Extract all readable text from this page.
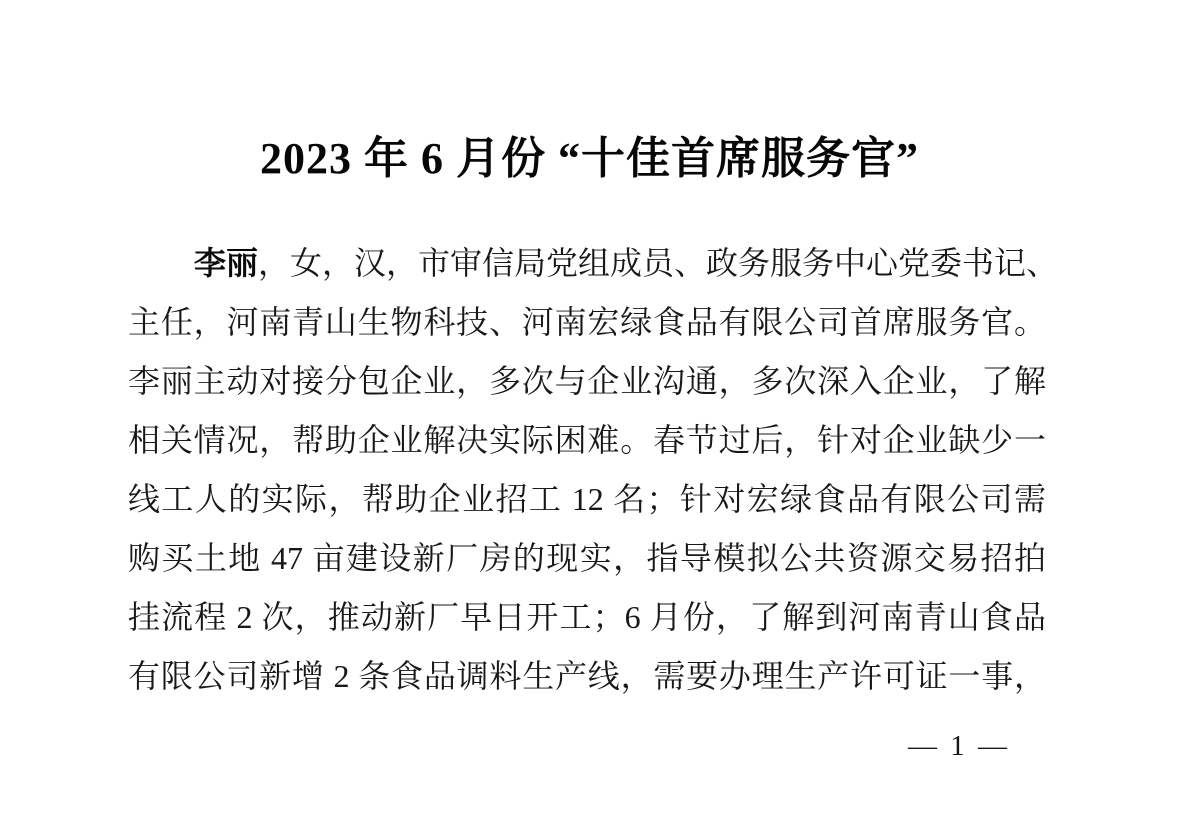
2023 年 6 月份 “十佳首席服务官”

李丽，女，汉，市审信局党组成员、政务服务中心党委书记、

主任，河南青山生物科技、河南宏绿食品有限公司首席服务官。

李丽主动对接分包企业，多次与企业沟通，多次深入企业，了解

相关情况，帮助企业解决实际困难。春节过后，针对企业缺少一

线工人的实际，帮助企业招工 12 名；针对宏绿食品有限公司需

购买土地 47 亩建设新厂房的现实，指导模拟公共资源交易招拍

挂流程 2 次，推动新厂早日开工；6 月份，了解到河南青山食品

有限公司新增 2 条食品调料生产线，需要办理生产许可证一事，

— 1 —
